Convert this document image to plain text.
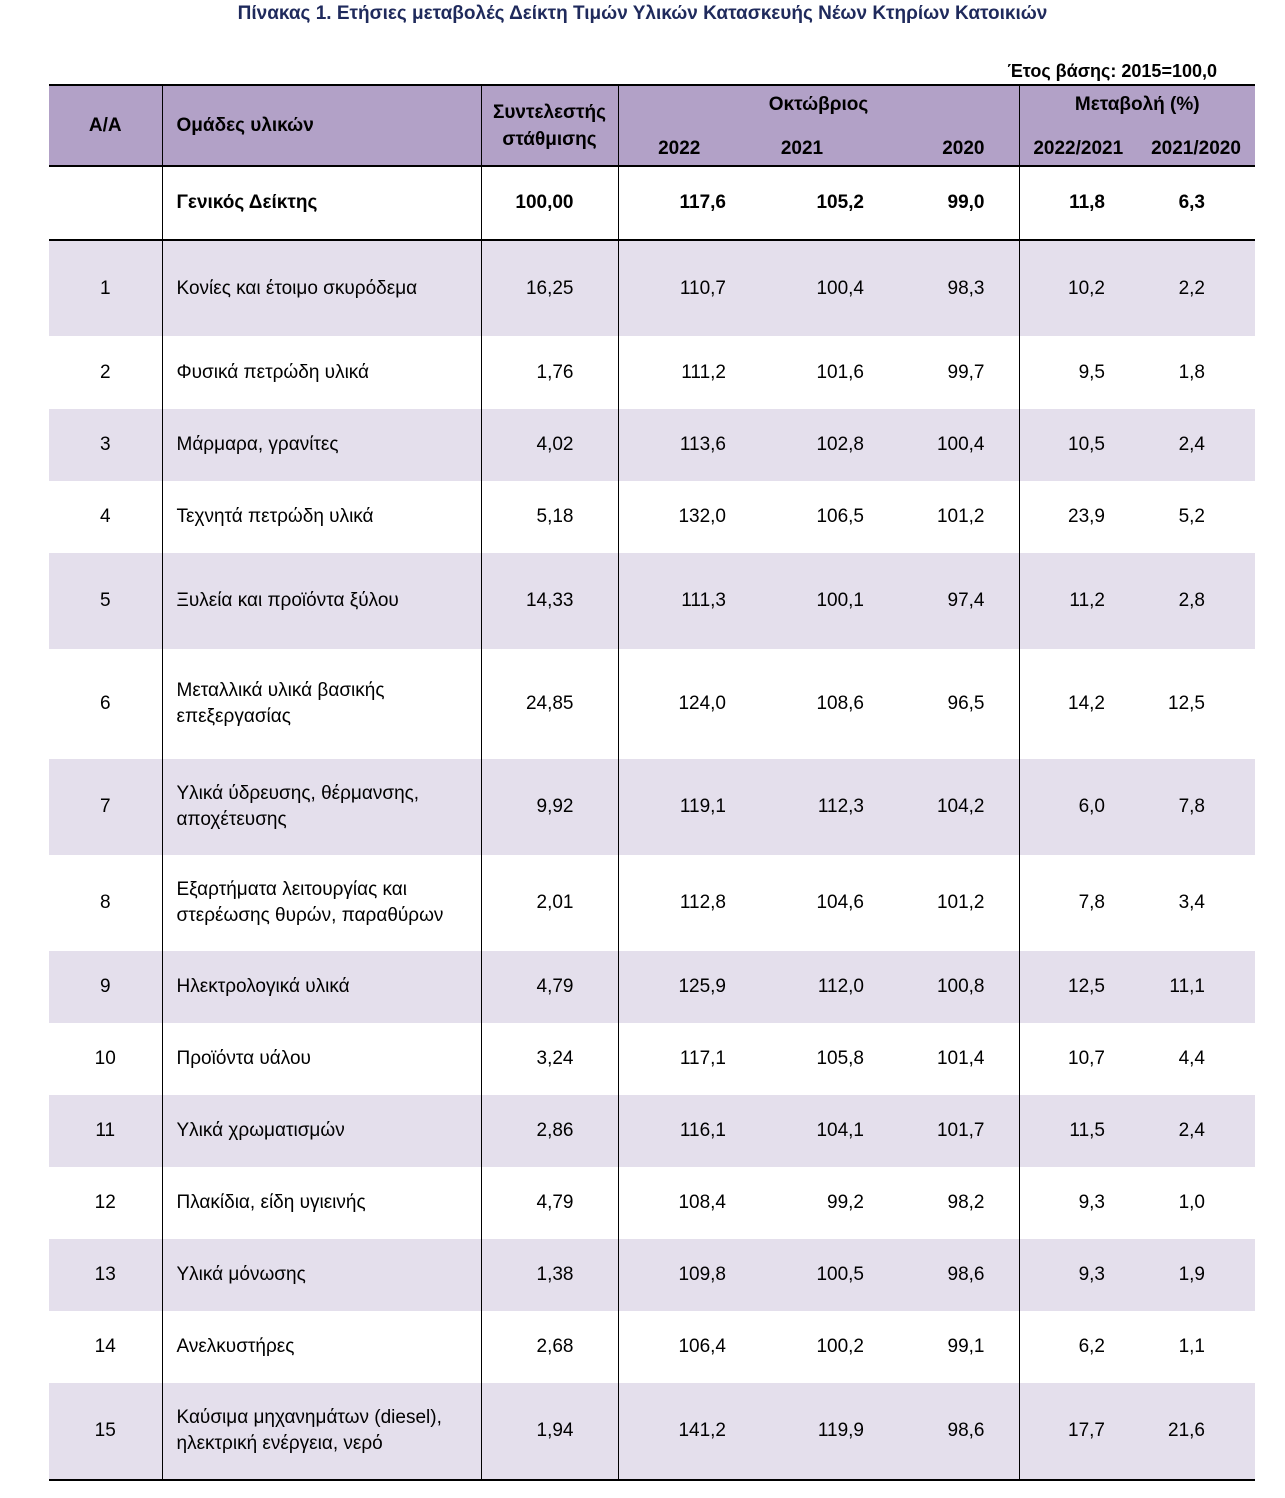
Πίνακας 1. Ετήσιες μεταβολές Δείκτη Τιμών Υλικών Κατασκευής Νέων Κτηρίων Κατοικιών
Έτος βάσης: 2015=100,0
Α/Α	Ομάδες υλικών	Συντελεστής στάθμισης	Οκτώβριος			Μεταβολή (%)	
			2022	2021	2020	2022/2021	2021/2020
	Γενικός Δείκτης	100,00	117,6	105,2	99,0	11,8	6,3
1	Κονίες και έτοιμο σκυρόδεμα	16,25	110,7	100,4	98,3	10,2	2,2
2	Φυσικά πετρώδη υλικά	1,76	111,2	101,6	99,7	9,5	1,8
3	Μάρμαρα, γρανίτες	4,02	113,6	102,8	100,4	10,5	2,4
4	Τεχνητά πετρώδη υλικά	5,18	132,0	106,5	101,2	23,9	5,2
5	Ξυλεία και προϊόντα ξύλου	14,33	111,3	100,1	97,4	11,2	2,8
6	Μεταλλικά υλικά βασικής επεξεργασίας	24,85	124,0	108,6	96,5	14,2	12,5
7	Υλικά ύδρευσης, θέρμανσης, αποχέτευσης	9,92	119,1	112,3	104,2	6,0	7,8
8	Εξαρτήματα λειτουργίας και στερέωσης θυρών, παραθύρων	2,01	112,8	104,6	101,2	7,8	3,4
9	Ηλεκτρολογικά υλικά	4,79	125,9	112,0	100,8	12,5	11,1
10	Προϊόντα υάλου	3,24	117,1	105,8	101,4	10,7	4,4
11	Υλικά χρωματισμών	2,86	116,1	104,1	101,7	11,5	2,4
12	Πλακίδια, είδη υγιεινής	4,79	108,4	99,2	98,2	9,3	1,0
13	Υλικά μόνωσης	1,38	109,8	100,5	98,6	9,3	1,9
14	Ανελκυστήρες	2,68	106,4	100,2	99,1	6,2	1,1
15	Καύσιμα μηχανημάτων (diesel), ηλεκτρική ενέργεια, νερό	1,94	141,2	119,9	98,6	17,7	21,6
